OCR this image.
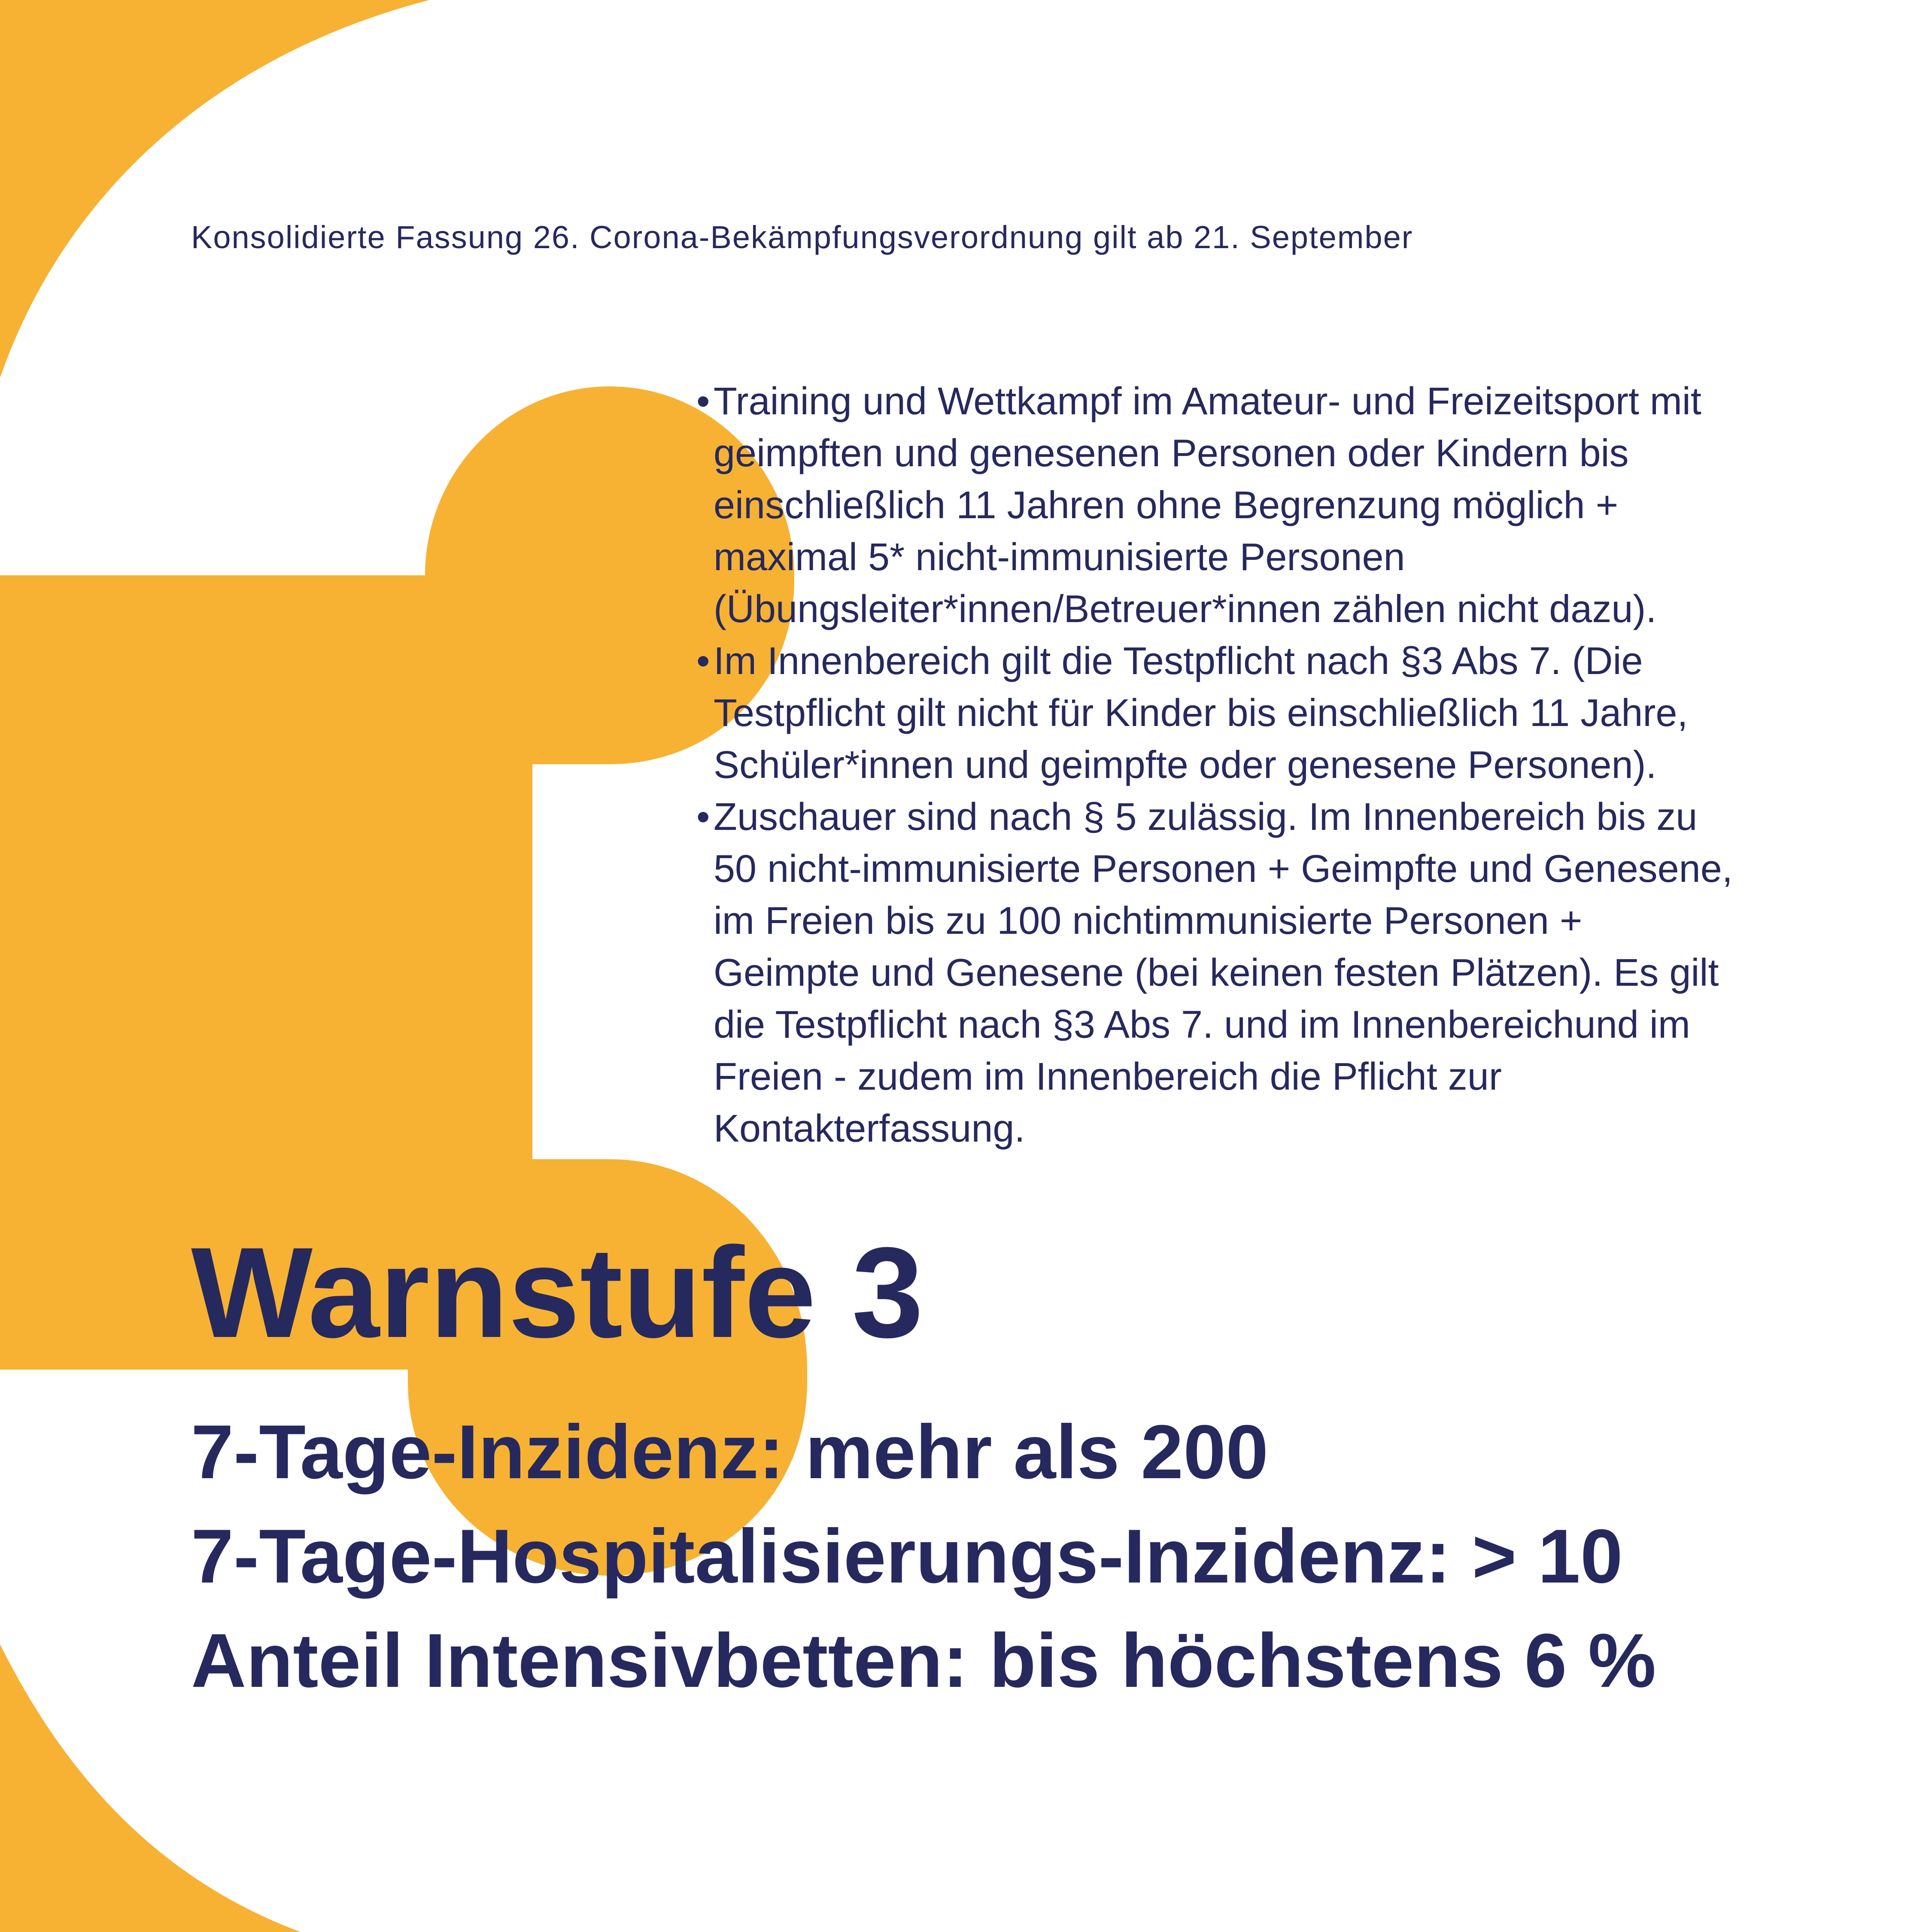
Konsolidierte Fassung 26. Corona-Bekämpfungsverordnung gilt ab 21. September
• Training und Wettkampf im Amateur- und Freizeitsport mit geimpften und genesenen Personen oder Kindern bis einschließlich 11 Jahren ohne Begrenzung möglich + maximal 5* nicht-immunisierte Personen (Übungsleiter*innen/Betreuer*innen zählen nicht dazu).
• Im Innenbereich gilt die Testpflicht nach §3 Abs 7. (Die Testpflicht gilt nicht für Kinder bis einschließlich 11 Jahre, Schüler*innen und geimpfte oder genesene Personen).
• Zuschauer sind nach § 5 zulässig. Im Innenbereich bis zu 50 nicht-immunisierte Personen + Geimpfte und Genesene, im Freien bis zu 100 nichtimmunisierte Personen + Geimpte und Genesene (bei keinen festen Plätzen). Es gilt die Testpflicht nach §3 Abs 7. und im Innenbereichund im Freien - zudem im Innenbereich die Pflicht zur Kontakterfassung.
Warnstufe 3
7-Tage-Inzidenz: mehr als 200
7-Tage-Hospitalisierungs-Inzidenz: > 10
Anteil Intensivbetten: bis höchstens 6 %
